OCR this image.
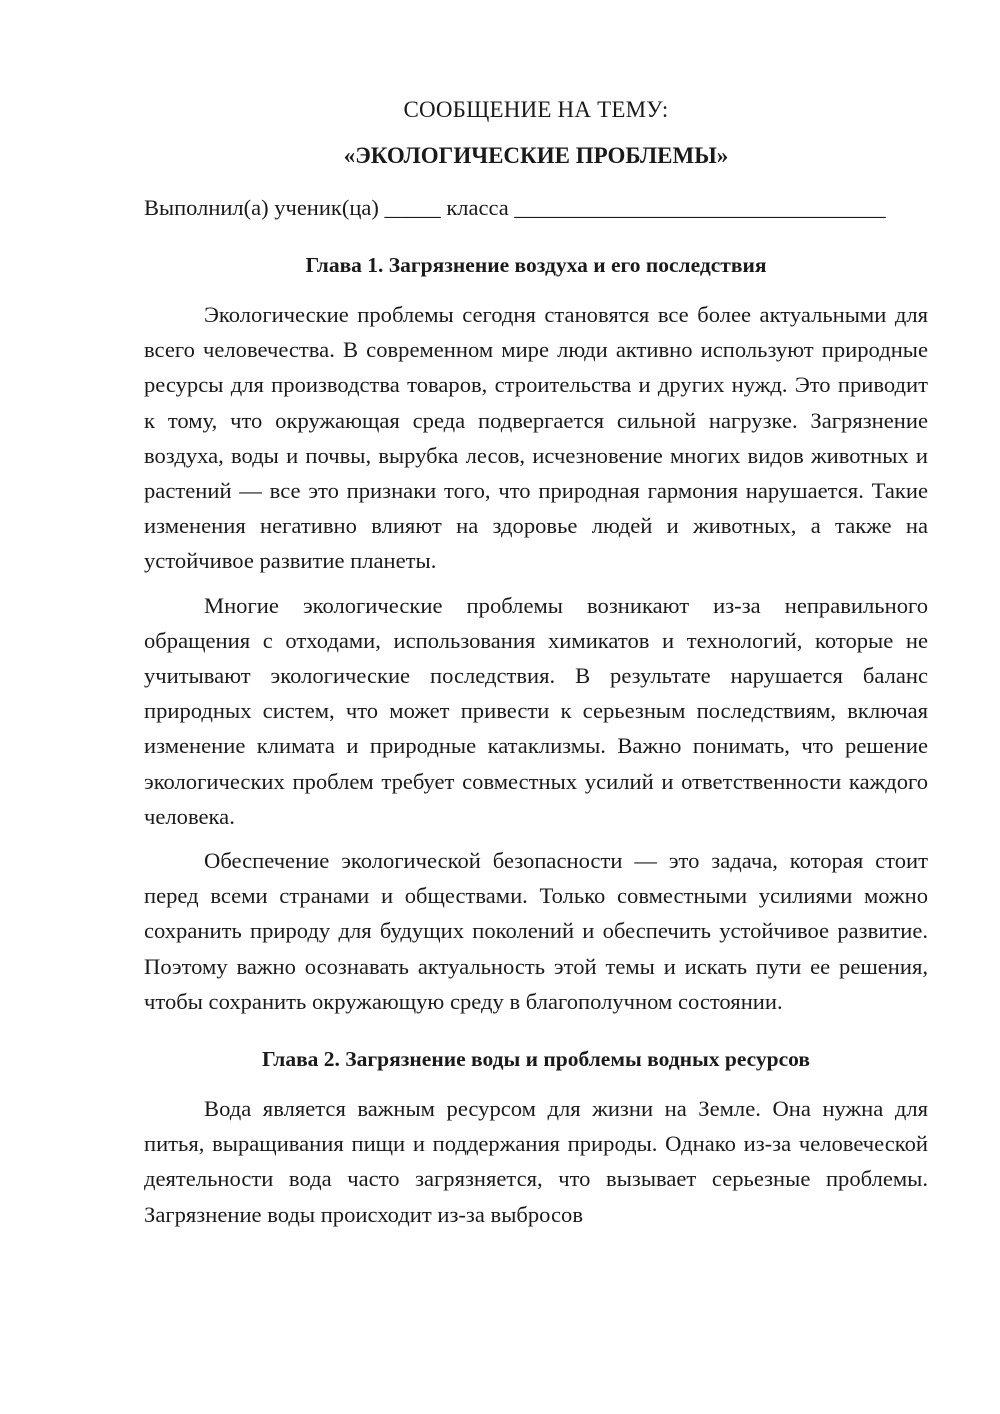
СООБЩЕНИЕ НА ТЕМУ:
«ЭКОЛОГИЧЕСКИЕ ПРОБЛЕМЫ»
Выполнил(а) ученик(ца) _____ класса _________________________________
Глава 1. Загрязнение воздуха и его последствия

Экологические проблемы сегодня становятся все более актуальными для всего человечества. В современном мире люди активно используют природные ресурсы для производства товаров, строительства и других нужд. Это приводит к тому, что окружающая среда подвергается сильной нагрузке. Загрязнение воздуха, воды и почвы, вырубка лесов, исчезновение многих видов животных и растений — все это признаки того, что природная гармония нарушается. Такие изменения негативно влияют на здоровье людей и животных, а также на устойчивое развитие планеты.

Многие экологические проблемы возникают из-за неправильного обращения с отходами, использования химикатов и технологий, которые не учитывают экологические последствия. В результате нарушается баланс природных систем, что может привести к серьезным последствиям, включая изменение климата и природные катаклизмы. Важно понимать, что решение экологических проблем требует совместных усилий и ответственности каждого человека.

Обеспечение экологической безопасности — это задача, которая стоит перед всеми странами и обществами. Только совместными усилиями можно сохранить природу для будущих поколений и обеспечить устойчивое развитие. Поэтому важно осознавать актуальность этой темы и искать пути ее решения, чтобы сохранить окружающую среду в благополучном состоянии.

Глава 2. Загрязнение воды и проблемы водных ресурсов

Вода является важным ресурсом для жизни на Земле. Она нужна для питья, выращивания пищи и поддержания природы. Однако из-за человеческой деятельности вода часто загрязняется, что вызывает серьезные проблемы. Загрязнение воды происходит из-за выбросов
